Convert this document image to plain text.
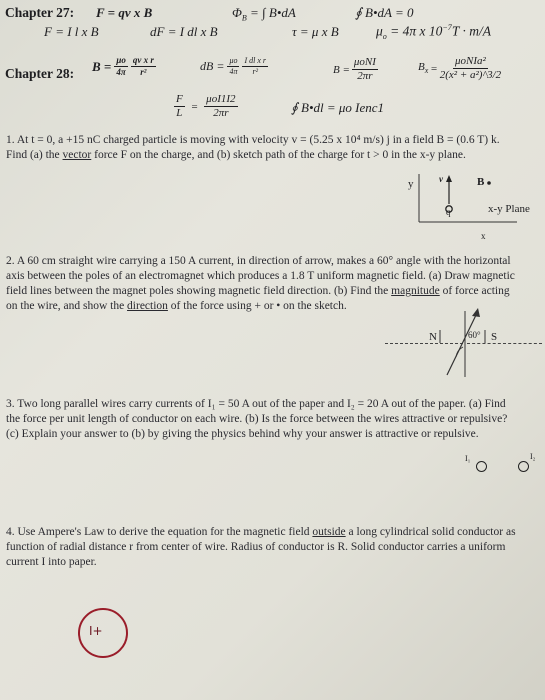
Chapter 27: F = qv x B	$\Phi_B$ = ∫ B•dA	∮ B•dA = 0
F = I l x B	dF = I dl x B	τ = μ x B	$\mu_o = 4\pi$ x $10^{-7}T \cdot m/A$
Chapter 28: $B = \frac{\mu o}{4\pi} \frac{\text{qv x r}}{\text{r²}}$	dB = $\frac{\mu o}{4\pi} \frac{\text{I dl x r}}{\text{r²}}$	$B = \frac{\text{μoNI}}{2\pi r}$	$B_x = \frac{\text{μoNIa²}}{\text{2(x² + a²)\textasciicircum{}3/2}}$
$\frac{F}{L} = \frac{\text{μoI1I2}}{2\pi r}$	∮ B•dl = μo Ienc1

1. At t = 0, a +15 nC charged particle is moving with velocity v = (5.25 x 10⁴ m/s) j in a field B = (0.6 T) k.

Find (a) the vector force F on the charge, and (b) sketch path of the charge for t > 0 in the x-y plane.

y	v	B
q	x-y Plane
x

2. A 60 cm straight wire carrying a 150 A current, in direction of arrow, makes a 60° angle with the horizontal

axis between the poles of an electromagnet which produces a 1.8 T uniform magnetic field. (a) Draw magnetic

field lines between the magnet poles showing magnetic field direction. (b) Find the magnitude of force acting

on the wire, and show the direction of the force using + or • on the sketch.

N	60° S

3. Two long parallel wires carry currents of I₁ = 50 A out of the paper and I₂ = 20 A out of the paper. (a) Find

the force per unit length of conductor on each wire. (b) Is the force between the wires attractive or repulsive?

(c) Explain your answer to (b) by giving the physics behind why your answer is attractive or repulsive.

I₁	I₂

4. Use Ampere's Law to derive the equation for the magnetic field outside a long cylindrical solid conductor as

function of radial distance r from center of wire. Radius of conductor is R. Solid conductor carries a uniform

current I into paper.

I+
